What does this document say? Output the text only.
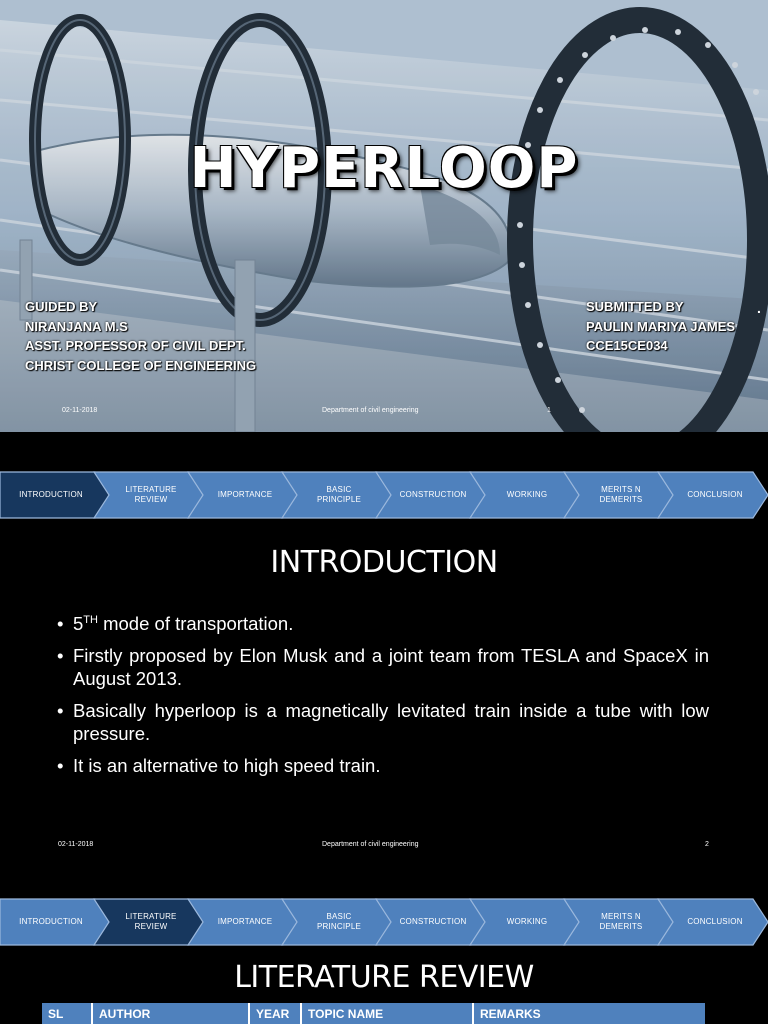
HYPERLOOP
GUIDED BY
NIRANJANA M.S
ASST. PROFESSOR OF CIVIL DEPT.
CHRIST COLLEGE OF ENGINEERING
SUBMITTED BY
PAULIN MARIYA JAMES
CCE15CE034
.
02-11-2018	Department of civil engineering	1
INTRODUCTION
LITERATURE REVIEW
IMPORTANCE
BASIC PRINCIPLE
CONSTRUCTION	WORKING
MERITS N DEMERITS
CONCLUSION
INTRODUCTION
• 5TH mode of transportation.
• Firstly proposed by Elon Musk and a joint team from TESLA and SpaceX in August 2013.
• Basically hyperloop is a magnetically levitated train inside a tube with low pressure.
• It is an alternative to high speed train.
02-11-2018	Department of civil engineering	2
INTRODUCTION
LITERATURE REVIEW
IMPORTANCE
BASIC PRINCIPLE
CONSTRUCTION	WORKING
MERITS N DEMERITS
CONCLUSION
LITERATURE REVIEW
SL	AUTHOR	YEAR	TOPIC NAME	REMARKS
